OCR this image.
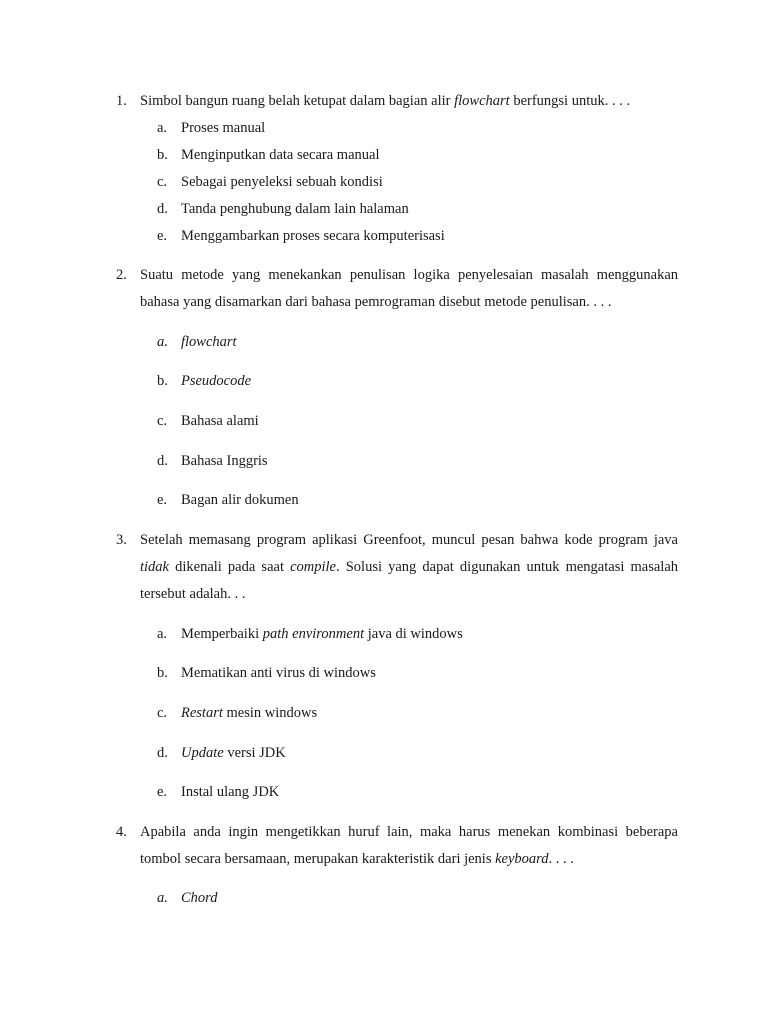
1. Simbol bangun ruang belah ketupat dalam bagian alir flowchart berfungsi untuk. . . .
a. Proses manual
b. Menginputkan data secara manual
c. Sebagai penyeleksi sebuah kondisi
d. Tanda penghubung dalam lain halaman
e. Menggambarkan proses secara komputerisasi
2. Suatu metode yang menekankan penulisan logika penyelesaian masalah menggunakan
bahasa yang disamarkan dari bahasa pemrograman disebut metode penulisan. . . .
a. flowchart
b. Pseudocode
c. Bahasa alami
d. Bahasa Inggris
e. Bagan alir dokumen
3. Setelah memasang program aplikasi Greenfoot, muncul pesan bahwa kode program java
tidak dikenali pada saat compile. Solusi yang dapat digunakan untuk mengatasi masalah
tersebut adalah. . .
a. Memperbaiki path environment java di windows
b. Mematikan anti virus di windows
c. Restart mesin windows
d. Update versi JDK
e. Instal ulang JDK
4. Apabila anda ingin mengetikkan huruf lain, maka harus menekan kombinasi beberapa
tombol secara bersamaan, merupakan karakteristik dari jenis keyboard. . . .
a. Chord
